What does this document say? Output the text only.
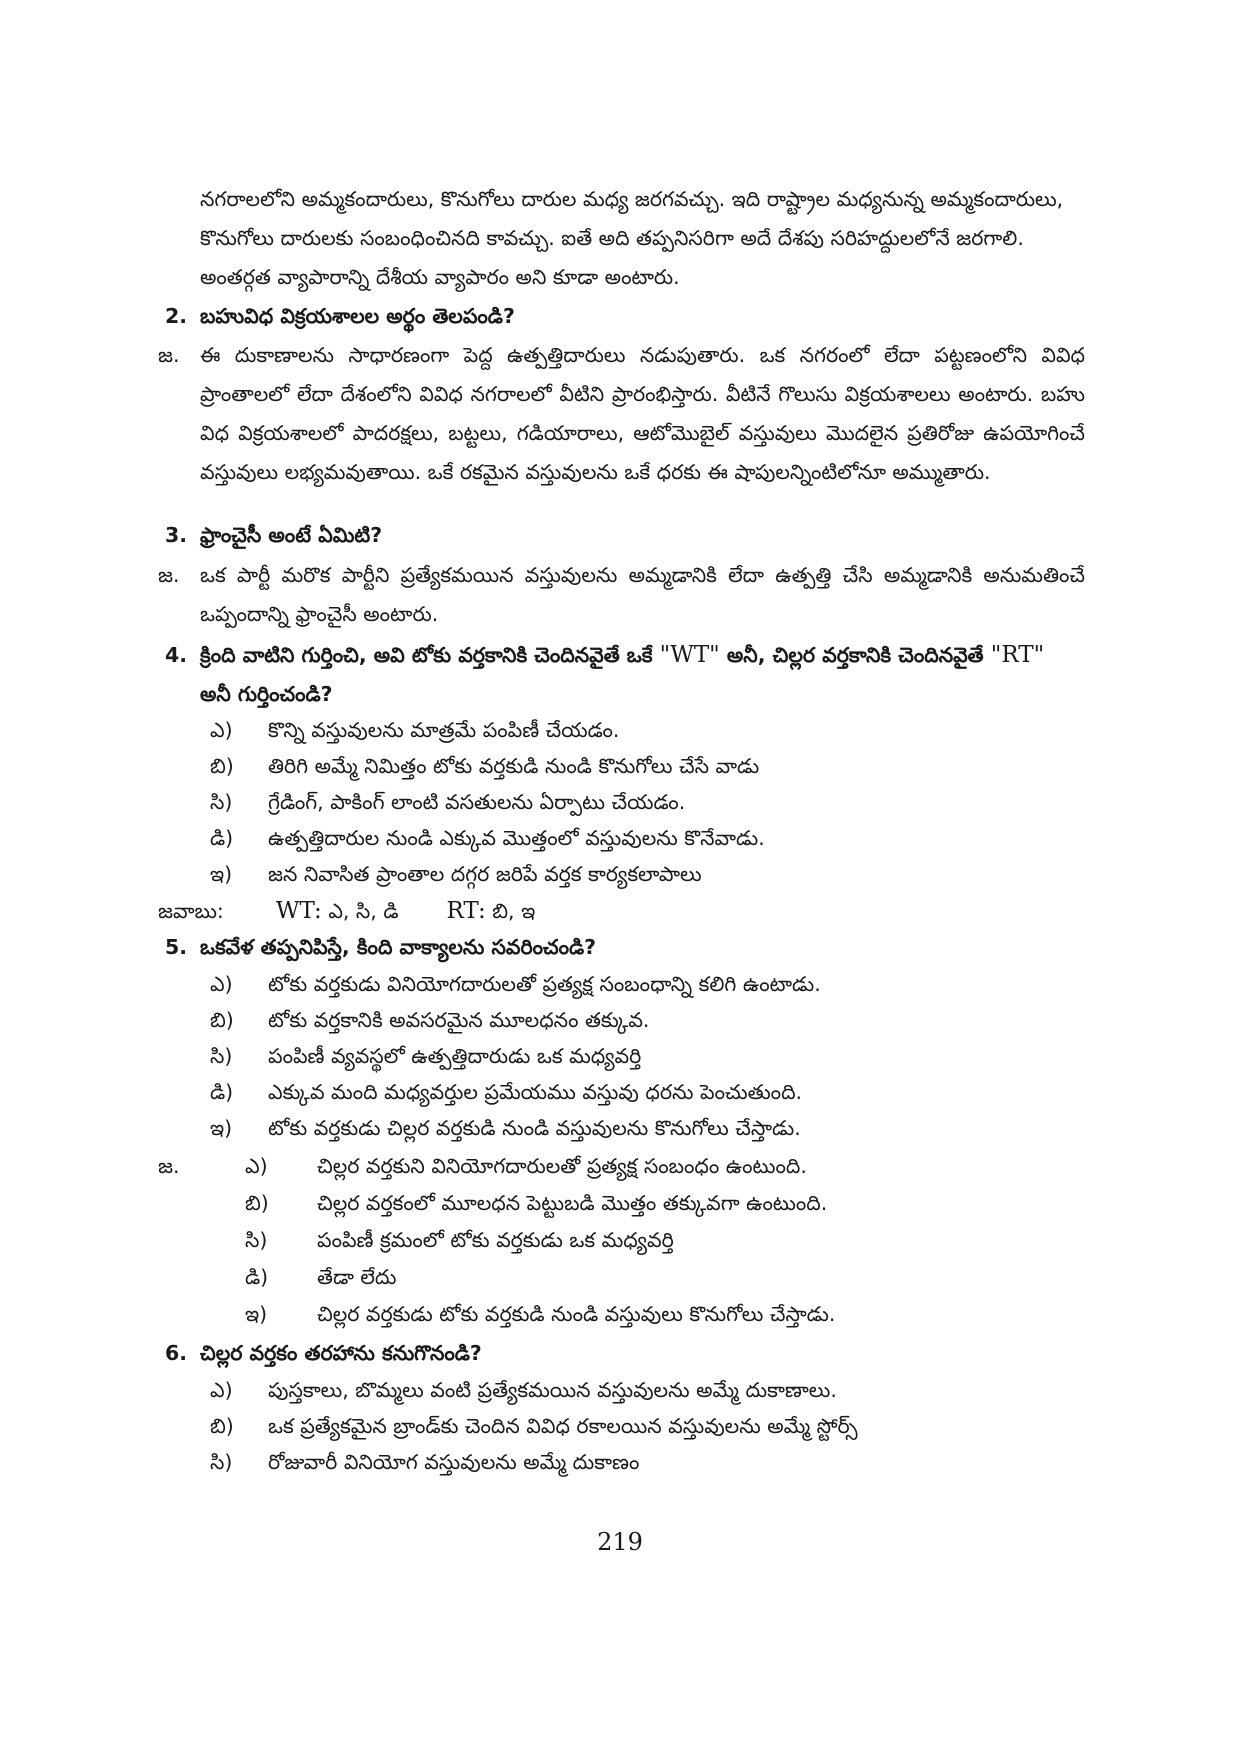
నగరాలలోని అమ్మకందారులు, కొనుగోలు దారుల మధ్య జరగవచ్చు. ఇది రాష్ట్రాల మధ్యనున్న అమ్మకందారులు,
కొనుగోలు దారులకు సంబంధించినది కావచ్చు. ఐతే అది తప్పనిసరిగా అదే దేశపు సరిహద్దులలోనే జరగాలి.
అంతర్గత వ్యాపారాన్ని దేశీయ వ్యాపారం అని కూడా అంటారు.
2. బహువిధ విక్రయశాలల అర్థం తెలపండి?
జ. ఈ దుకాణాలను సాధారణంగా పెద్ద ఉత్పత్తిదారులు నడుపుతారు. ఒక నగరంలో లేదా పట్టణంలోని వివిధ ప్రాంతాలలో లేదా దేశంలోని వివిధ నగరాలలో వీటిని ప్రారంభిస్తారు. వీటినే గొలుసు విక్రయశాలలు అంటారు. బహు విధ విక్రయశాలలో పాదరక్షలు, బట్టలు, గడియారాలు, ఆటోమొబైల్ వస్తువులు మొదలైన ప్రతిరోజు ఉపయోగించే వస్తువులు లభ్యమవుతాయి. ఒకే రకమైన వస్తువులను ఒకే ధరకు ఈ షాపులన్నింటిలోనూ అమ్ముతారు.
3. ఫ్రాంచైసీ అంటే ఏమిటి?
జ. ఒక పార్టీ మరొక పార్టీని ప్రత్యేకమయిన వస్తువులను అమ్మడానికి లేదా ఉత్పత్తి చేసి అమ్మడానికి అనుమతించే ఒప్పందాన్ని ఫ్రాంచైసీ అంటారు.
4. క్రింది వాటిని గుర్తించి, అవి టోకు వర్తకానికి చెందినవైతే ఒకే "WT" అనీ, చిల్లర వర్తకానికి చెందినవైతే "RT"
అనీ గుర్తించండి?
ఎ) కొన్ని వస్తువులను మాత్రమే పంపిణీ చేయడం.
బి) తిరిగి అమ్మే నిమిత్తం టోకు వర్తకుడి నుండి కొనుగోలు చేసే వాడు
సి) గ్రేడింగ్, పాకింగ్ లాంటి వసతులను ఏర్పాటు చేయడం.
డి) ఉత్పత్తిదారుల నుండి ఎక్కువ మొత్తంలో వస్తువులను కొనేవాడు.
ఇ) జన నివాసిత ప్రాంతాల దగ్గర జరిపే వర్తక కార్యకలాపాలు
జవాబు: WT: ఎ, సి, డి RT: బి, ఇ
5. ఒకవేళ తప్పనిపిస్తే, కింది వాక్యాలను సవరించండి?
ఎ) టోకు వర్తకుడు వినియోగదారులతో ప్రత్యక్ష సంబంధాన్ని కలిగి ఉంటాడు.
బి) టోకు వర్తకానికి అవసరమైన మూలధనం తక్కువ.
సి) పంపిణీ వ్యవస్థలో ఉత్పత్తిదారుడు ఒక మధ్యవర్తి
డి) ఎక్కువ మంది మధ్యవర్తుల ప్రమేయము వస్తువు ధరను పెంచుతుంది.
ఇ) టోకు వర్తకుడు చిల్లర వర్తకుడి నుండి వస్తువులను కొనుగోలు చేస్తాడు.
జ.	ఎ) చిల్లర వర్తకుని వినియోగదారులతో ప్రత్యక్ష సంబంధం ఉంటుంది.
బి) చిల్లర వర్తకంలో మూలధన పెట్టుబడి మొత్తం తక్కువగా ఉంటుంది.
సి) పంపిణీ క్రమంలో టోకు వర్తకుడు ఒక మధ్యవర్తి
డి) తేడా లేదు
ఇ) చిల్లర వర్తకుడు టోకు వర్తకుడి నుండి వస్తువులు కొనుగోలు చేస్తాడు.
6. చిల్లర వర్తకం తరహాను కనుగొనండి?
ఎ) పుస్తకాలు, బొమ్మలు వంటి ప్రత్యేకమయిన వస్తువులను అమ్మే దుకాణాలు.
బి) ఒక ప్రత్యేకమైన బ్రాండ్‌కు చెందిన వివిధ రకాలయిన వస్తువులను అమ్మే స్టోర్స్
సి) రోజువారీ వినియోగ వస్తువులను అమ్మే దుకాణం
219
